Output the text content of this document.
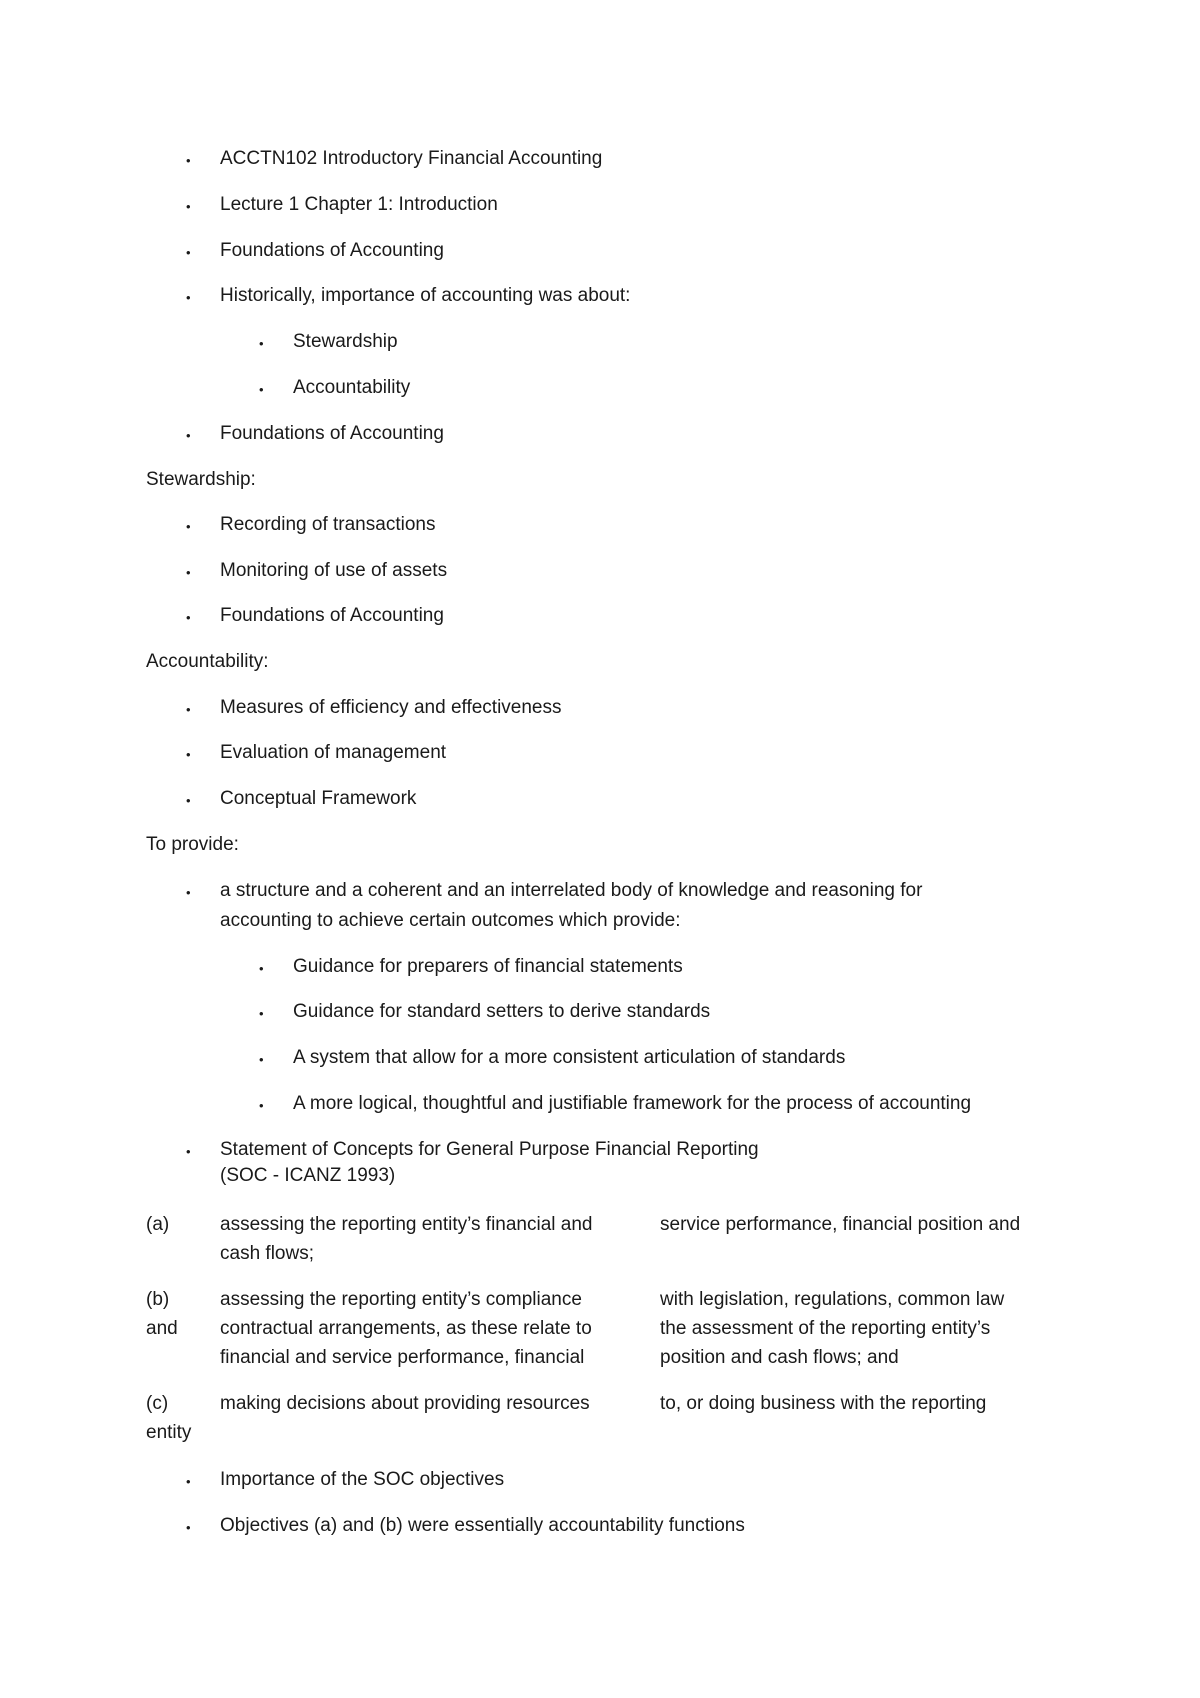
• ACCTN102 Introductory Financial Accounting
• Lecture 1 Chapter 1: Introduction
• Foundations of Accounting
• Historically, importance of accounting was about:
• Stewardship
• Accountability
• Foundations of Accounting
Stewardship:
• Recording of transactions
• Monitoring of use of assets
• Foundations of Accounting
Accountability:
• Measures of efficiency and effectiveness
• Evaluation of management
• Conceptual Framework
To provide:
• a structure and a coherent and an interrelated body of knowledge and reasoning for
accounting to achieve certain outcomes which provide:
• Guidance for preparers of financial statements
• Guidance for standard setters to derive standards
• A system that allow for a more consistent articulation of standards
• A more logical, thoughtful and justifiable framework for the process of accounting
• Statement of Concepts for General Purpose Financial Reporting
(SOC - ICANZ 1993)
(a)	assessing the reporting entity’s financial and
cash flows;
service performance, financial position and
(b)
and
assessing the reporting entity’s compliance
contractual arrangements, as these relate to
financial and service performance, financial
with legislation, regulations, common law
the assessment of the reporting entity’s
position and cash flows; and
(c)
entity
making decisions about providing resources	to, or doing business with the reporting
• Importance of the SOC objectives
• Objectives (a) and (b) were essentially accountability functions
